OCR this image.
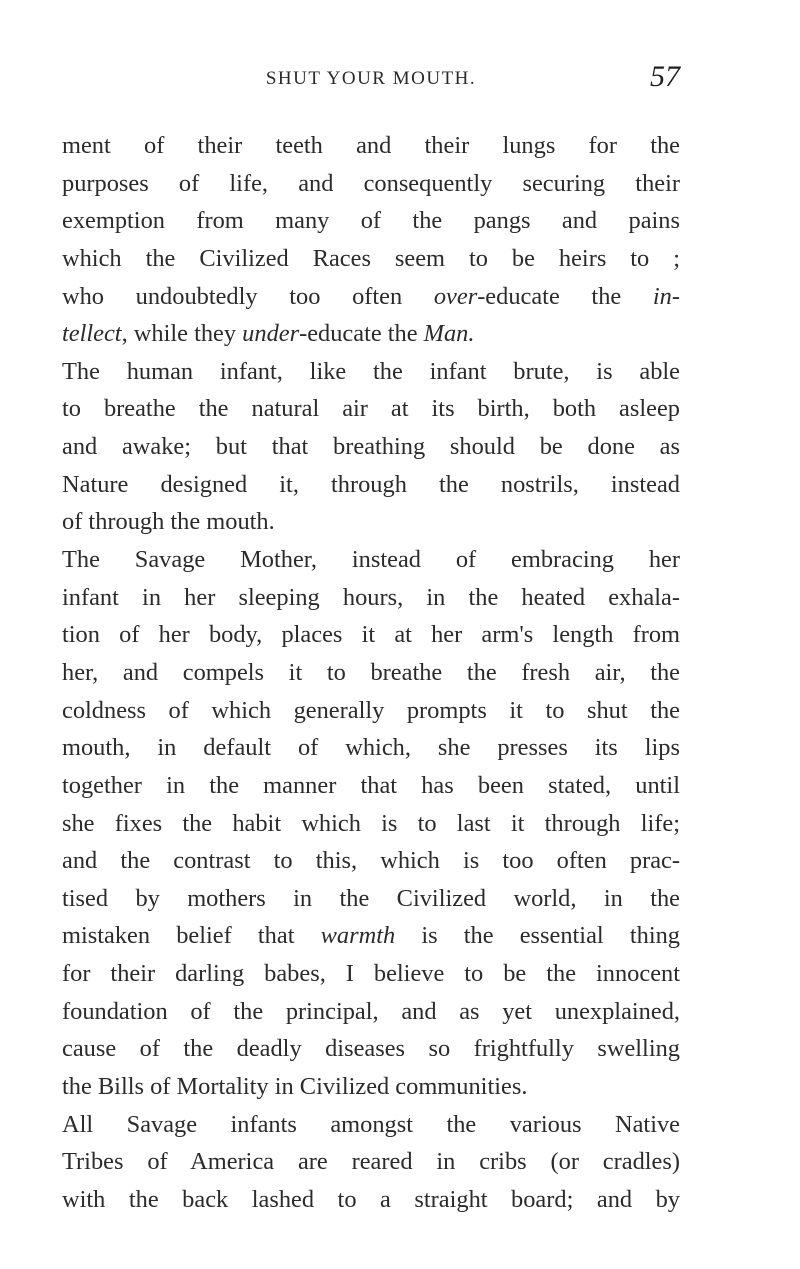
SHUT YOUR MOUTH.	57
ment of their teeth and their lungs for the
purposes of life, and consequently securing their
exemption from many of the pangs and pains
which the Civilized Races seem to be heirs to ;
who undoubtedly too often over-educate the in-
tellect, while they under-educate the Man.
The human infant, like the infant brute, is able
to breathe the natural air at its birth, both asleep
and awake; but that breathing should be done as
Nature designed it, through the nostrils, instead
of through the mouth.
The Savage Mother, instead of embracing her
infant in her sleeping hours, in the heated exhala-
tion of her body, places it at her arm's length from
her, and compels it to breathe the fresh air, the
coldness of which generally prompts it to shut the
mouth, in default of which, she presses its lips
together in the manner that has been stated, until
she fixes the habit which is to last it through life;
and the contrast to this, which is too often prac-
tised by mothers in the Civilized world, in the
mistaken belief that warmth is the essential thing
for their darling babes, I believe to be the innocent
foundation of the principal, and as yet unexplained,
cause of the deadly diseases so frightfully swelling
the Bills of Mortality in Civilized communities.
All Savage infants amongst the various Native
Tribes of America are reared in cribs (or cradles)
with the back lashed to a straight board; and by
